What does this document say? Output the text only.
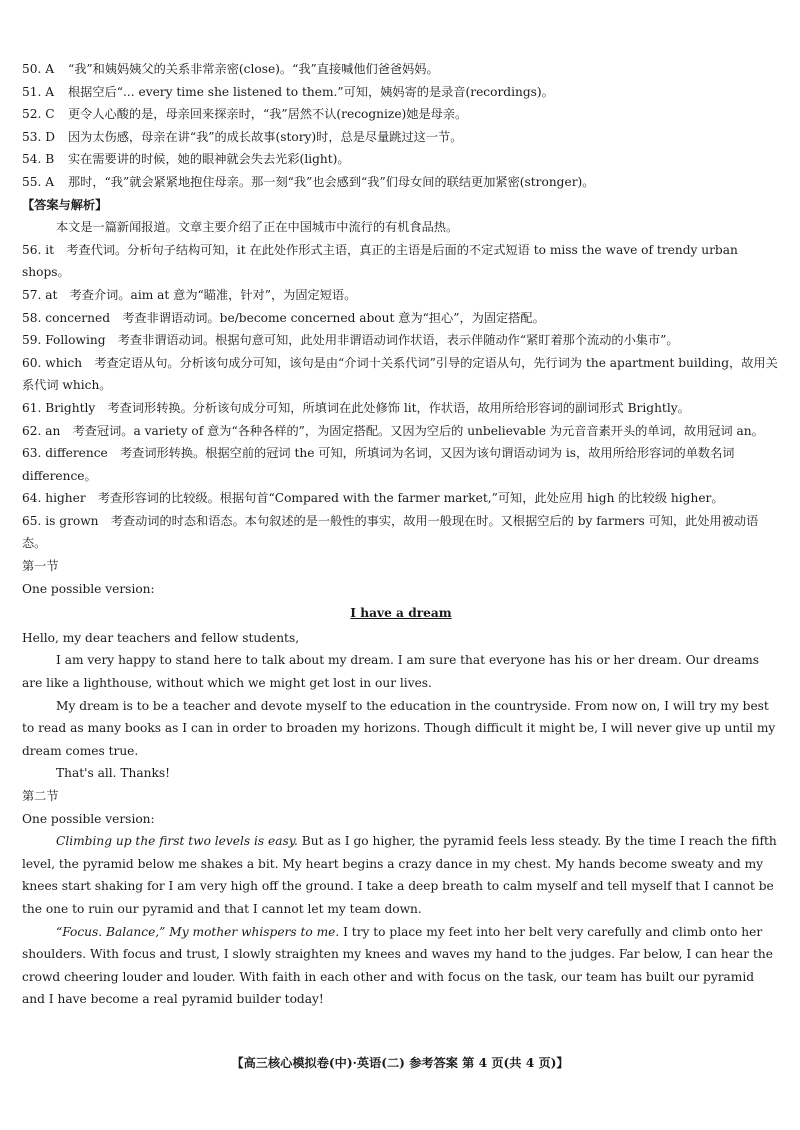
50. A	“我”和姨妈姨父的关系非常亲密(close)。“我”直接喊他们爸爸妈妈。
51. A	根据空后“... every time she listened to them.”可知，姨妈寄的是录音(recordings)。
52. C	更令人心酸的是，母亲回来探亲时，“我”居然不认(recognize)她是母亲。
53. D	因为太伤感，母亲在讲“我”的成长故事(story)时，总是尽量跳过这一节。
54. B	实在需要讲的时候，她的眼神就会失去光彩(light)。
55. A	那时，“我”就会紧紧地抱住母亲。那一刻“我”也会感到“我”们母女间的联结更加紧密(stronger)。
【答案与解析】
本文是一篇新闻报道。文章主要介绍了正在中国城市中流行的有机食品热。
56. it　 考查代词。分析句子结构可知，it 在此处作形式主语，真正的主语是后面的不定式短语 to miss the wave of trendy urban shops。
57. at　 考查介词。aim at 意为“瞄准，针对”，为固定短语。
58. concerned　 考查非谓语动词。be/become concerned about 意为“担心”，为固定搭配。
59. Following　 考查非谓语动词。根据句意可知，此处用非谓语动词作状语，表示伴随动作“紧盯着那个流动的小集市”。
60. which　 考查定语从句。分析该句成分可知，该句是由“介词十关系代词”引导的定语从句，先行词为 the apartment building，故用关系代词 which。
61. Brightly　 考查词形转换。分析该句成分可知，所填词在此处修饰 lit，作状语，故用所给形容词的副词形式 Brightly。
62. an　 考查冠词。a variety of 意为“各种各样的”，为固定搭配。又因为空后的 unbelievable 为元音音素开头的单词，故用冠词 an。
63. difference　 考查词形转换。根据空前的冠词 the 可知，所填词为名词，又因为该句谓语动词为 is，故用所给形容词的单数名词 difference。
64. higher　 考查形容词的比较级。根据句首“Compared with the farmer market,”可知，此处应用 high 的比较级 higher。
65. is grown　 考查动词的时态和语态。本句叙述的是一般性的事实，故用一般现在时。又根据空后的 by farmers 可知，此处用被动语态。
第一节
One possible version:
I have a dream
Hello, my dear teachers and fellow students,
I am very happy to stand here to talk about my dream. I am sure that everyone has his or her dream. Our dreams are like a lighthouse, without which we might get lost in our lives.
My dream is to be a teacher and devote myself to the education in the countryside. From now on, I will try my best to read as many books as I can in order to broaden my horizons. Though difficult it might be, I will never give up until my dream comes true.
That's all. Thanks!
第二节
One possible version:
Climbing up the first two levels is easy. But as I go higher, the pyramid feels less steady. By the time I reach the fifth level, the pyramid below me shakes a bit. My heart begins a crazy dance in my chest. My hands become sweaty and my knees start shaking for I am very high off the ground. I take a deep breath to calm myself and tell myself that I cannot be the one to ruin our pyramid and that I cannot let my team down.
“Focus. Balance,” My mother whispers to me. I try to place my feet into her belt very carefully and climb onto her shoulders. With focus and trust, I slowly straighten my knees and waves my hand to the judges. Far below, I can hear the crowd cheering louder and louder. With faith in each other and with focus on the task, our team has built our pyramid and I have become a real pyramid builder today!
【高三核心模拟卷(中)·英语(二) 参考答案 第 4 页(共 4 页)】
